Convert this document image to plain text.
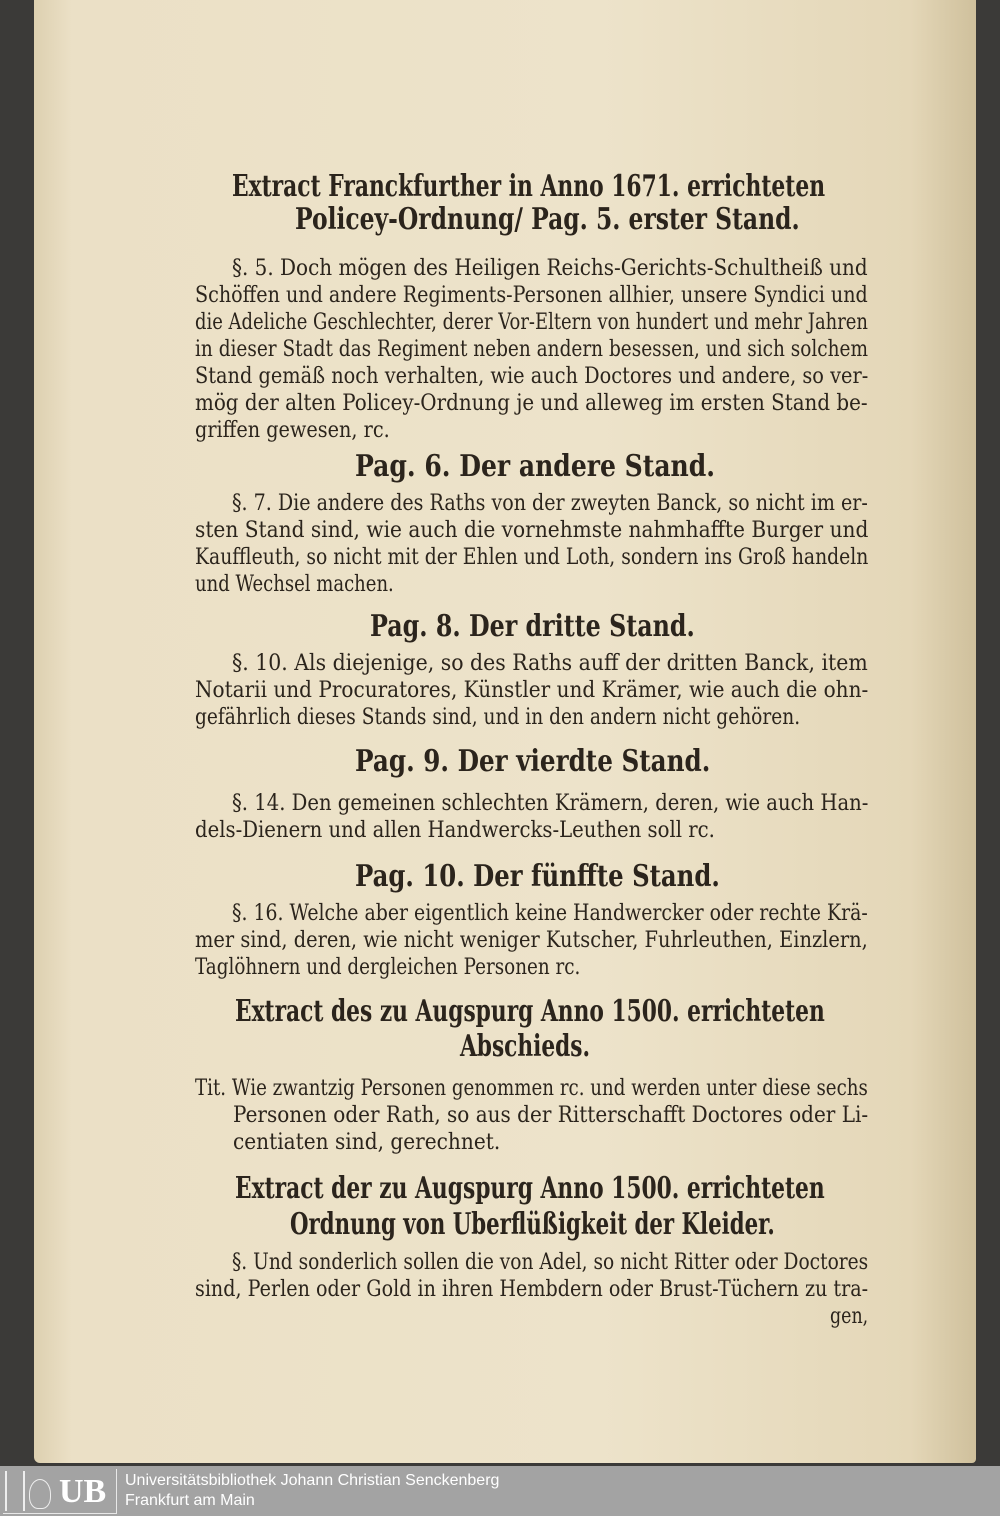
Extract Franckfurther in Anno 1671. errichteten
Policey-Ordnung/ Pag. 5. erster Stand.
§. 5. Doch mögen des Heiligen Reichs-Gerichts-Schultheiß und
Schöffen und andere Regiments-Personen allhier, unsere Syndici und
die Adeliche Geschlechter, derer Vor-Eltern von hundert und mehr Jahren
in dieser Stadt das Regiment neben andern besessen, und sich solchem
Stand gemäß noch verhalten, wie auch Doctores und andere, so ver-
mög der alten Policey-Ordnung je und alleweg im ersten Stand be-
griffen gewesen, rc.
Pag. 6. Der andere Stand.
§. 7. Die andere des Raths von der zweyten Banck, so nicht im er-
sten Stand sind, wie auch die vornehmste nahmhaffte Burger und
Kauffleuth, so nicht mit der Ehlen und Loth, sondern ins Groß handeln
und Wechsel machen.
Pag. 8. Der dritte Stand.
§. 10. Als diejenige, so des Raths auff der dritten Banck, item
Notarii und Procuratores, Künstler und Krämer, wie auch die ohn-
gefährlich dieses Stands sind, und in den andern nicht gehören.
Pag. 9. Der vierdte Stand.
§. 14. Den gemeinen schlechten Krämern, deren, wie auch Han-
dels-Dienern und allen Handwercks-Leuthen soll rc.
Pag. 10. Der fünffte Stand.
§. 16. Welche aber eigentlich keine Handwercker oder rechte Krä-
mer sind, deren, wie nicht weniger Kutscher, Fuhrleuthen, Einzlern,
Taglöhnern und dergleichen Personen rc.
Extract des zu Augspurg Anno 1500. errichteten
Abschieds.
Tit. Wie zwantzig Personen genommen rc. und werden unter diese sechs
Personen oder Rath, so aus der Ritterschafft Doctores oder Li-
centiaten sind, gerechnet.
Extract der zu Augspurg Anno 1500. errichteten
Ordnung von Uberflüßigkeit der Kleider.
§. Und sonderlich sollen die von Adel, so nicht Ritter oder Doctores
sind, Perlen oder Gold in ihren Hembdern oder Brust-Tüchern zu tra-
gen,
UB Universitätsbibliothek Johann Christian Senckenberg
Frankfurt am Main
